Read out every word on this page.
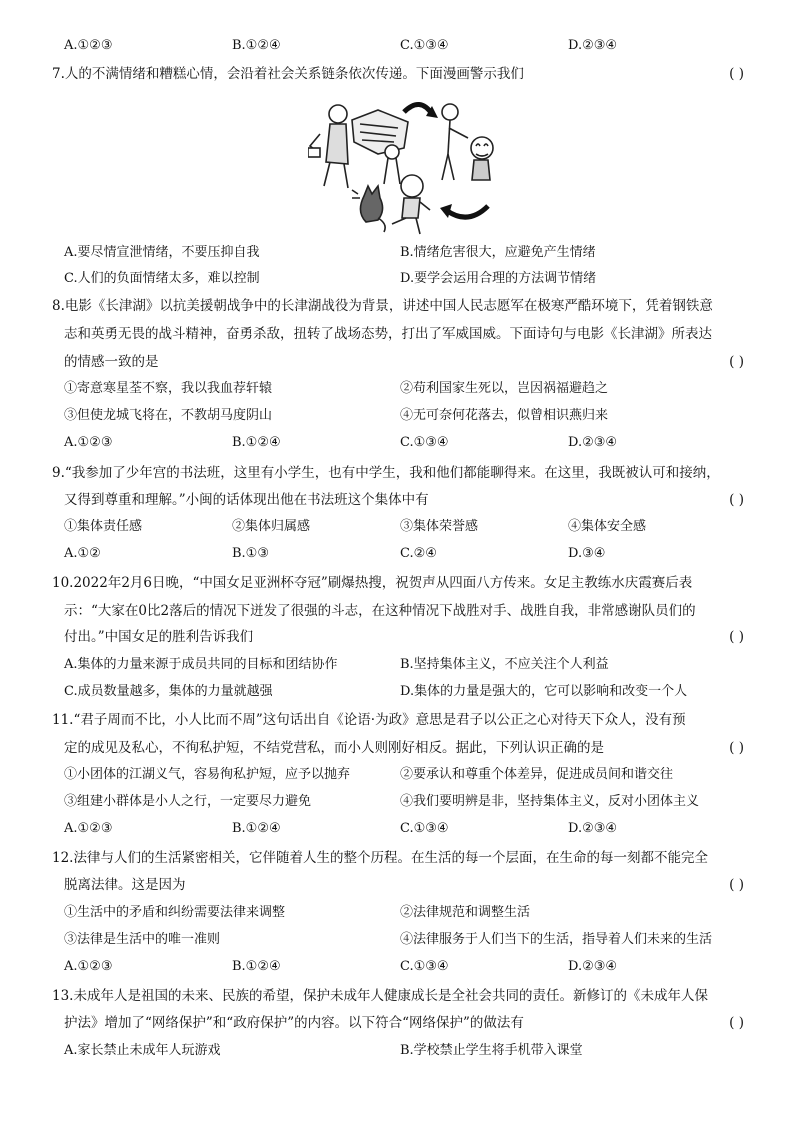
A.①②③	B.①②④	C.①③④	D.②③④
7.人的不满情绪和糟糕心情，会沿着社会关系链条依次传递。下面漫画警示我们	( )
A.要尽情宣泄情绪，不要压抑自我	B.情绪危害很大，应避免产生情绪
C.人们的负面情绪太多，难以控制	D.要学会运用合理的方法调节情绪
8.电影《长津湖》以抗美援朝战争中的长津湖战役为背景，讲述中国人民志愿军在极寒严酷环境下，凭着钢铁意
志和英勇无畏的战斗精神，奋勇杀敌，扭转了战场态势，打出了军威国威。下面诗句与电影《长津湖》所表达
的情感一致的是	( )
①寄意寒星荃不察，我以我血荐轩辕	②苟利国家生死以，岂因祸福避趋之
③但使龙城飞将在，不教胡马度阴山	④无可奈何花落去，似曾相识燕归来
A.①②③	B.①②④	C.①③④	D.②③④
9.“我参加了少年宫的书法班，这里有小学生，也有中学生，我和他们都能聊得来。在这里，我既被认可和接纳，
又得到尊重和理解。”小闽的话体现出他在书法班这个集体中有	( )
①集体责任感	②集体归属感	③集体荣誉感	④集体安全感
A.①②	B.①③	C.②④	D.③④
10.2022年2月6日晚，“中国女足亚洲杯夺冠”刷爆热搜，祝贺声从四面八方传来。女足主教练水庆霞赛后表
示：“大家在0比2落后的情况下迸发了很强的斗志，在这种情况下战胜对手、战胜自我，非常感谢队员们的
付出。”中国女足的胜利告诉我们	( )
A.集体的力量来源于成员共同的目标和团结协作	B.坚持集体主义，不应关注个人利益
C.成员数量越多，集体的力量就越强	D.集体的力量是强大的，它可以影响和改变一个人
11.“君子周而不比，小人比而不周”这句话出自《论语·为政》意思是君子以公正之心对待天下众人，没有预
定的成见及私心，不徇私护短，不结党营私，而小人则刚好相反。据此，下列认识正确的是	( )
①小团体的江湖义气，容易徇私护短，应予以抛弃	②要承认和尊重个体差异，促进成员间和谐交往
③组建小群体是小人之行，一定要尽力避免	④我们要明辨是非，坚持集体主义，反对小团体主义
A.①②③	B.①②④	C.①③④	D.②③④
12.法律与人们的生活紧密相关，它伴随着人生的整个历程。在生活的每一个层面，在生命的每一刻都不能完全
脱离法律。这是因为	( )
①生活中的矛盾和纠纷需要法律来调整	②法律规范和调整生活
③法律是生活中的唯一准则	④法律服务于人们当下的生活，指导着人们未来的生活
A.①②③	B.①②④	C.①③④	D.②③④
13.未成年人是祖国的未来、民族的希望，保护未成年人健康成长是全社会共同的责任。新修订的《未成年人保
护法》增加了“网络保护”和“政府保护”的内容。以下符合“网络保护”的做法有	( )
A.家长禁止未成年人玩游戏	B.学校禁止学生将手机带入课堂
